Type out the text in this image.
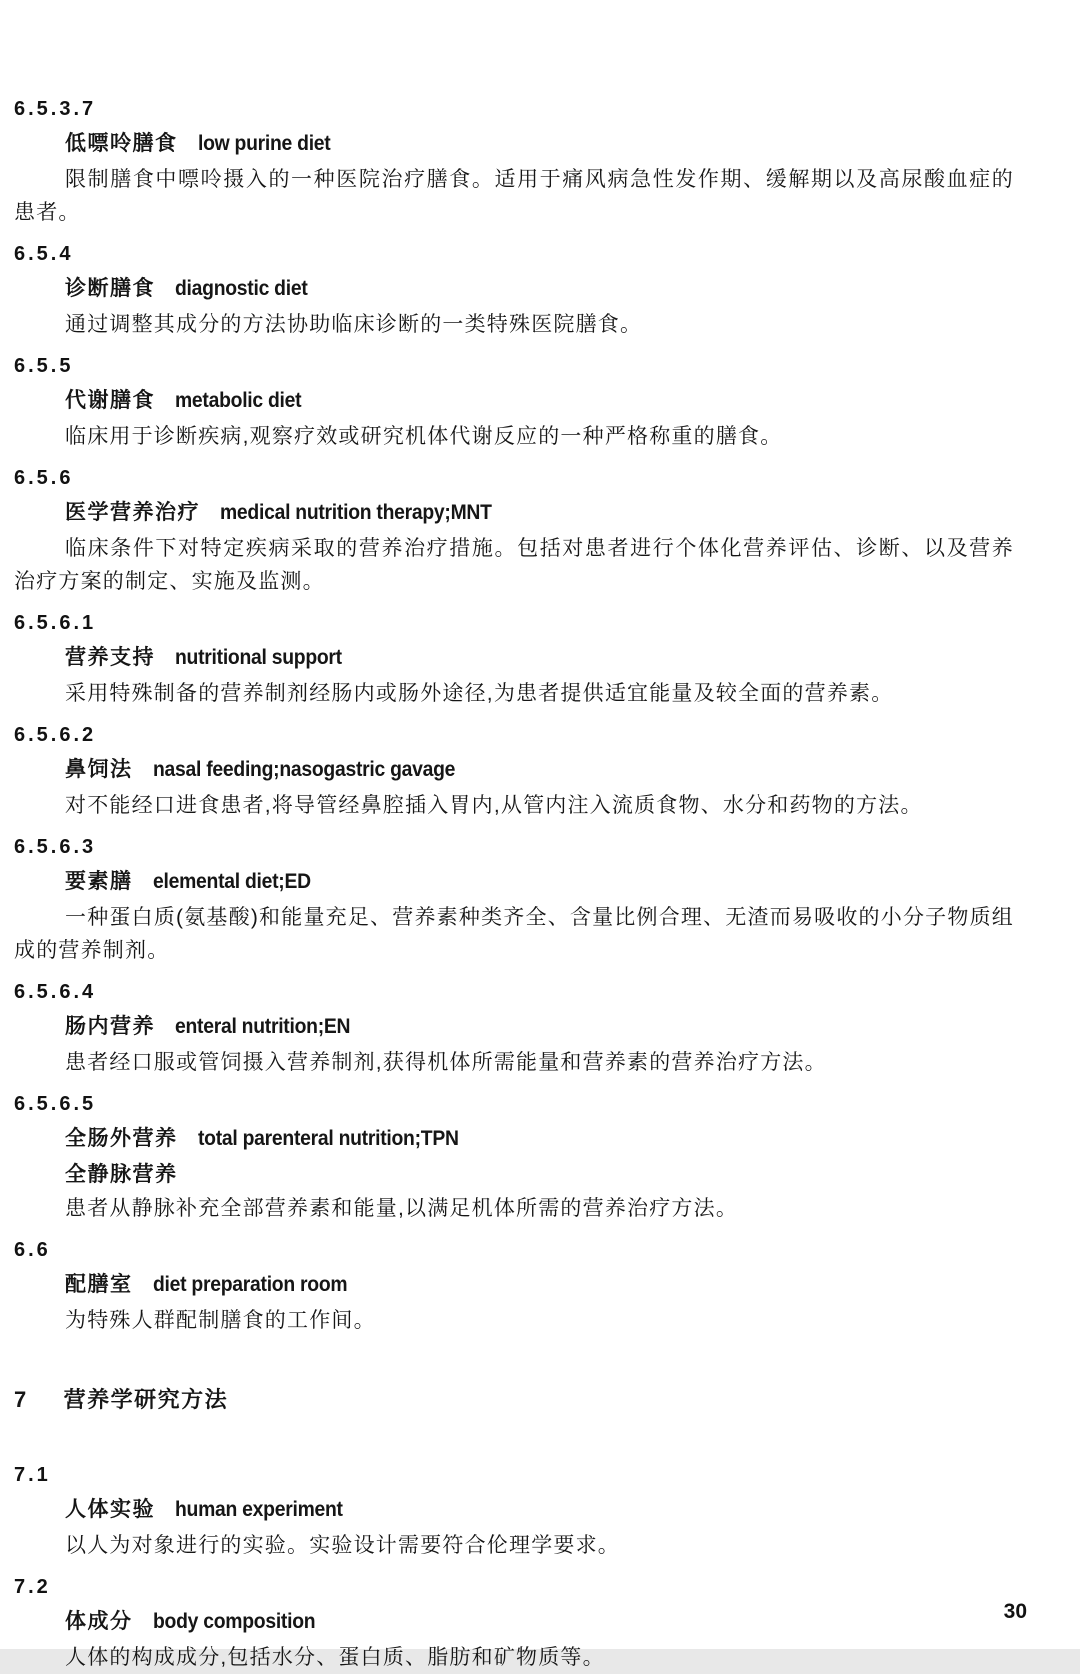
6.5.3.7
低嘌呤膳食 low purine diet

限制膳食中嘌呤摄入的一种医院治疗膳食。适用于痛风病急性发作期、缓解期以及高尿酸血症的患者。

6.5.4
诊断膳食 diagnostic diet

通过调整其成分的方法协助临床诊断的一类特殊医院膳食。

6.5.5
代谢膳食 metabolic diet

临床用于诊断疾病,观察疗效或研究机体代谢反应的一种严格称重的膳食。

6.5.6
医学营养治疗 medical nutrition therapy;MNT

临床条件下对特定疾病采取的营养治疗措施。包括对患者进行个体化营养评估、诊断、以及营养治疗方案的制定、实施及监测。

6.5.6.1
营养支持 nutritional support

采用特殊制备的营养制剂经肠内或肠外途径,为患者提供适宜能量及较全面的营养素。

6.5.6.2
鼻饲法 nasal feeding;nasogastric gavage

对不能经口进食患者,将导管经鼻腔插入胃内,从管内注入流质食物、水分和药物的方法。

6.5.6.3
要素膳 elemental diet;ED

一种蛋白质(氨基酸)和能量充足、营养素种类齐全、含量比例合理、无渣而易吸收的小分子物质组成的营养制剂。

6.5.6.4
肠内营养 enteral nutrition;EN

患者经口服或管饲摄入营养制剂,获得机体所需能量和营养素的营养治疗方法。

6.5.6.5
全肠外营养 total parenteral nutrition;TPN
全静脉营养

患者从静脉补充全部营养素和能量,以满足机体所需的营养治疗方法。

6.6
配膳室 diet preparation room

为特殊人群配制膳食的工作间。

7 营养学研究方法
7.1
人体实验 human experiment

以人为对象进行的实验。实验设计需要符合伦理学要求。

7.2
体成分 body composition

人体的构成成分,包括水分、蛋白质、脂肪和矿物质等。

30
